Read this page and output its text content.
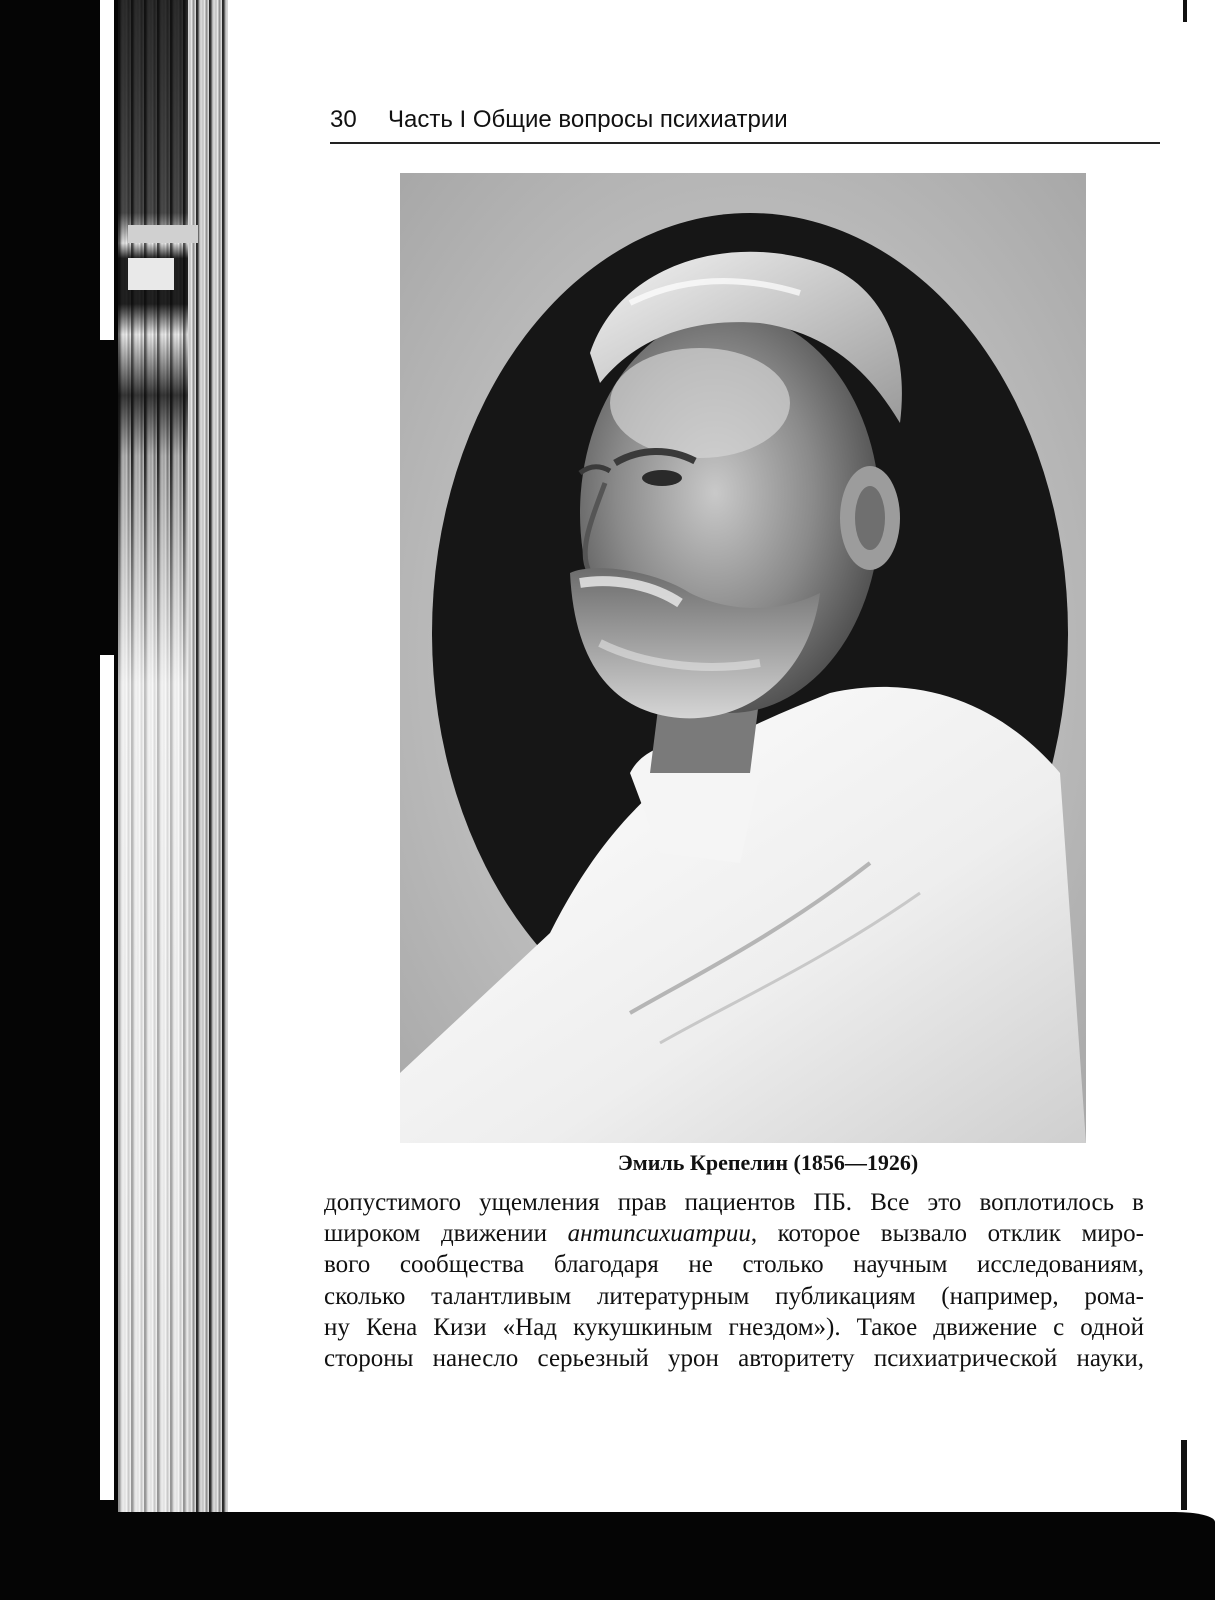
30 Часть I Общие вопросы психиатрии
Эмиль Крепелин (1856—1926)
допустимого ущемления прав пациентов ПБ. Все это воплотилось в
широком движении антипсихиатрии, которое вызвало отклик миро-
вого сообщества благодаря не столько научным исследованиям,
сколько талантливым литературным публикациям (например, рома-
ну Кена Кизи «Над кукушкиным гнездом»). Такое движение с одной
стороны нанесло серьезный урон авторитету психиатрической науки,
